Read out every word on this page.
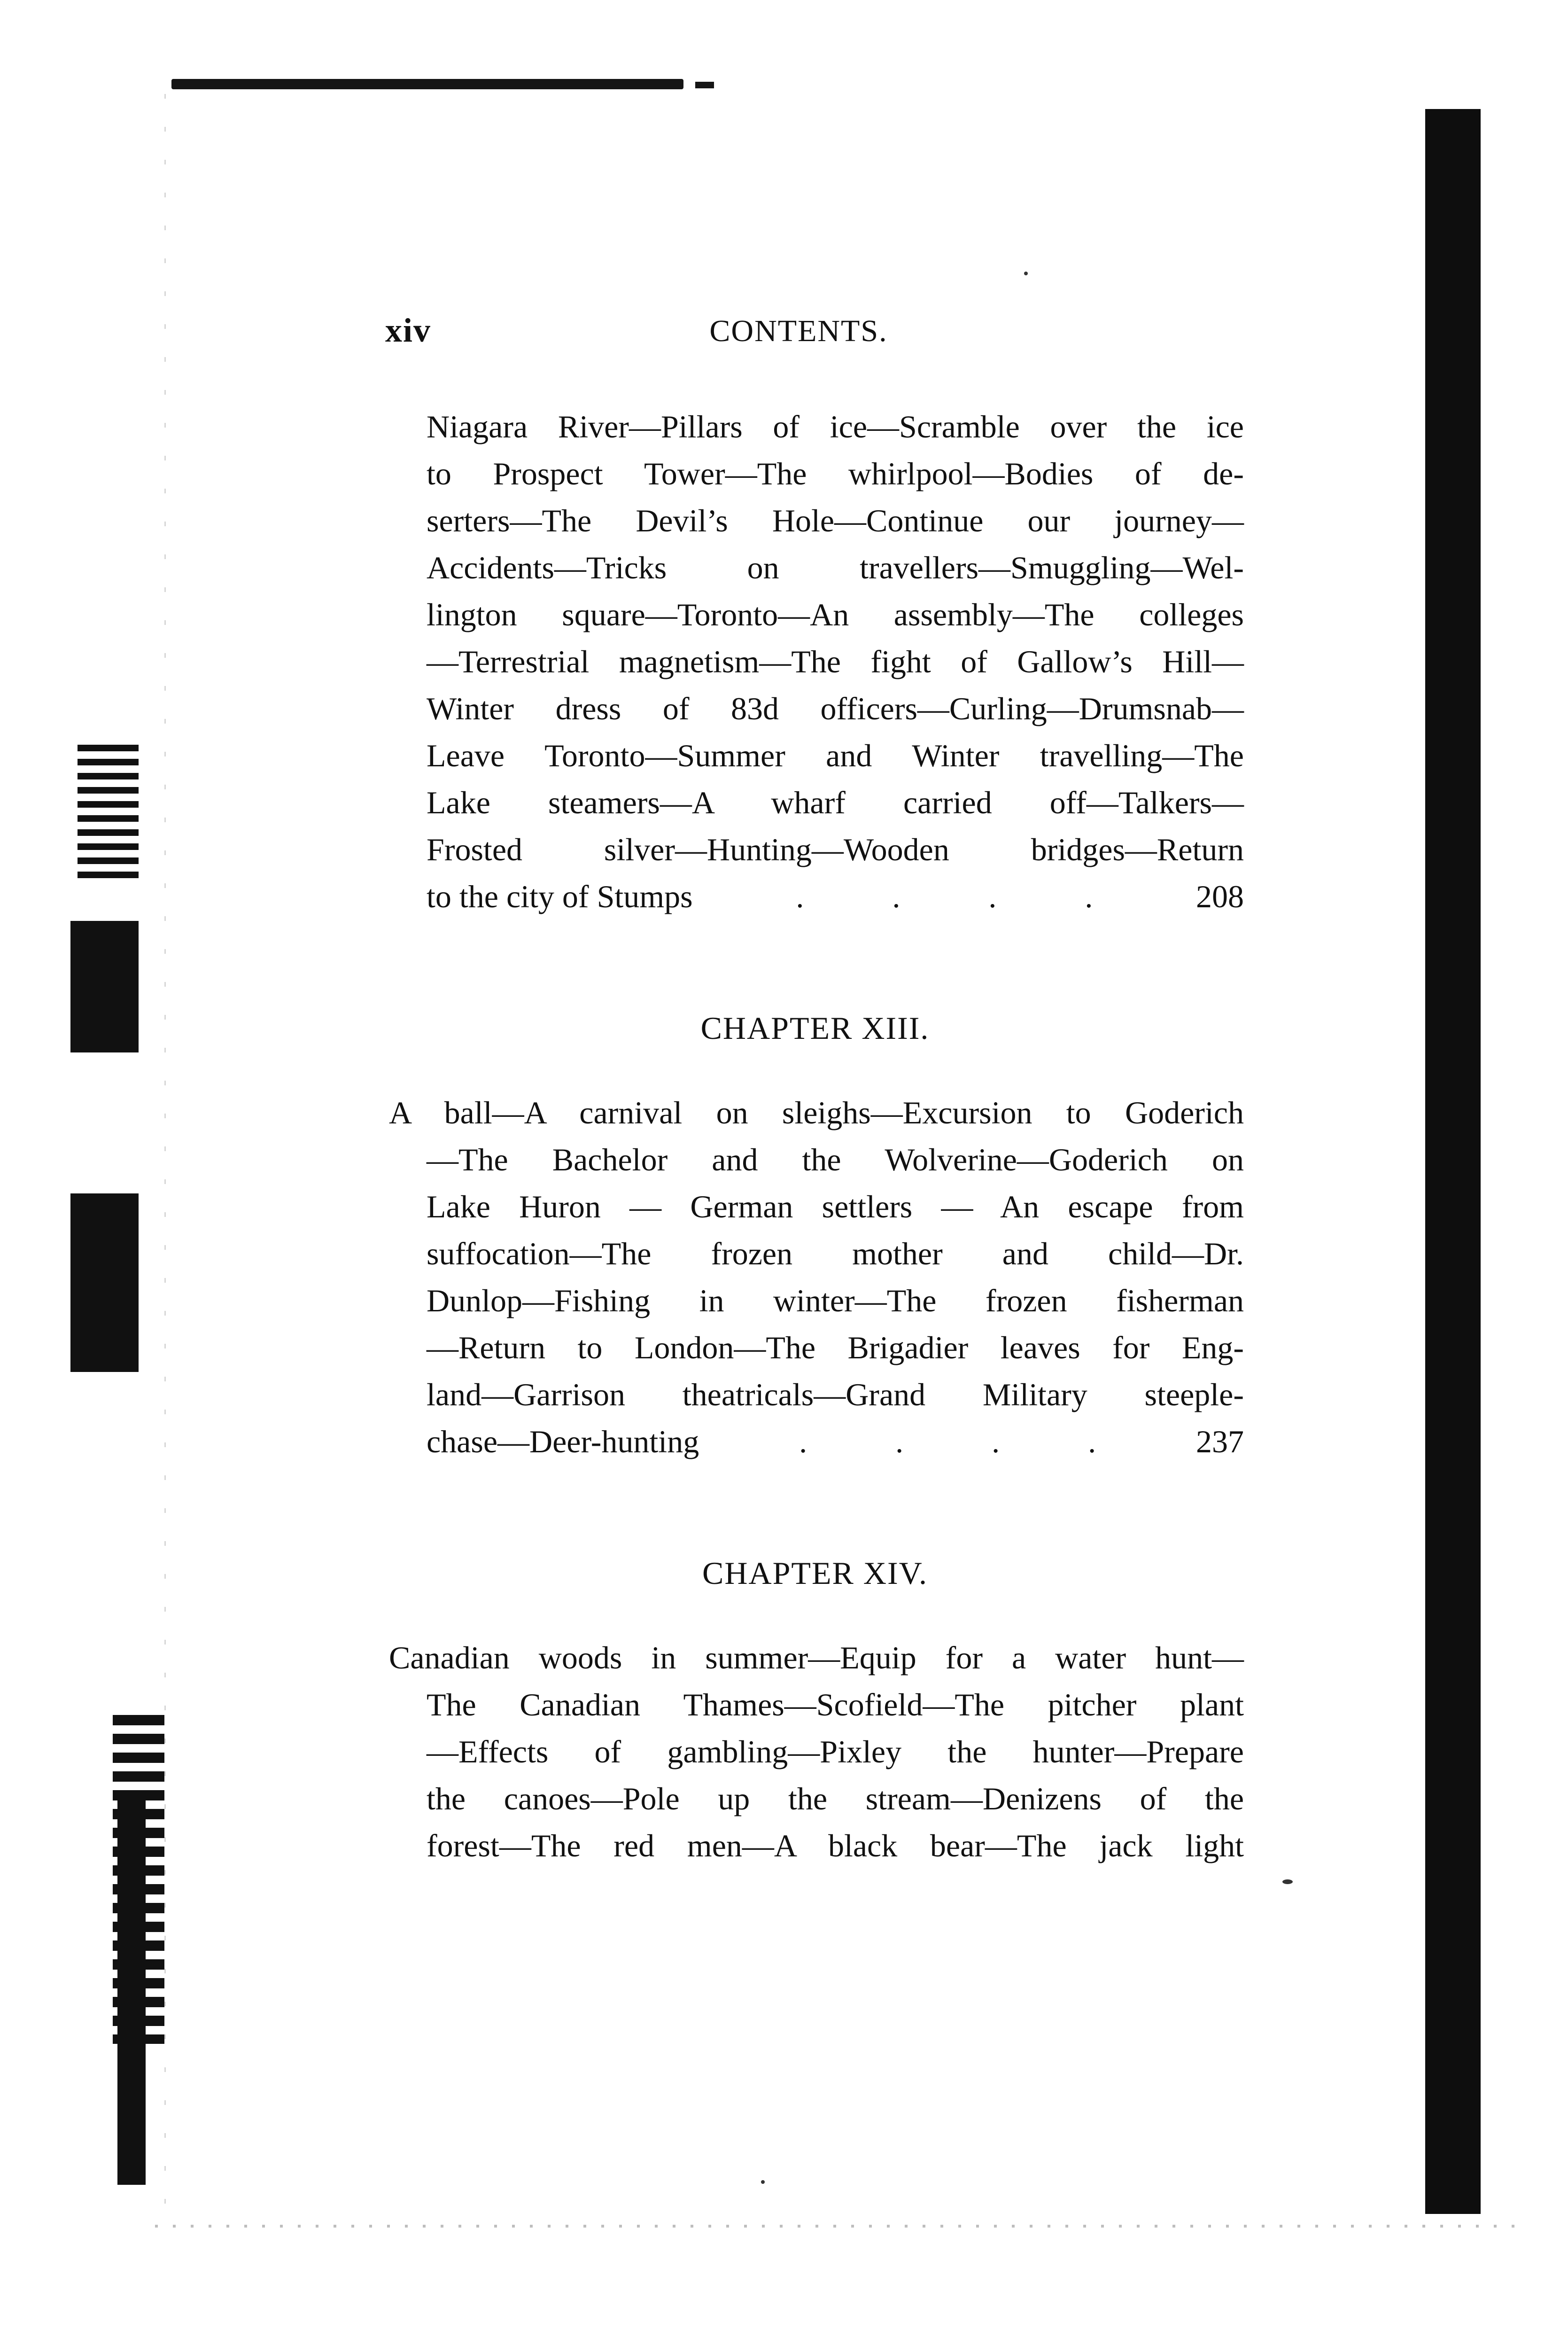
xiv	CONTENTS.
Niagara River—Pillars of ice—Scramble over the ice
to Prospect Tower—The whirlpool—Bodies of de-
serters—The Devil’s Hole—Continue our journey—
Accidents—Tricks on travellers—Smuggling—Wel-
lington square—Toronto—An assembly—The colleges
—Terrestrial magnetism—The fight of Gallow’s Hill—
Winter dress of 83d officers—Curling—Drumsnab—
Leave Toronto—Summer and Winter travelling—The
Lake steamers—A wharf carried off—Talkers—
Frosted silver—Hunting—Wooden bridges—Return
to the city of Stumps	.	.	.	.	208
CHAPTER XIII.
A ball—A carnival on sleighs—Excursion to Goderich
—The Bachelor and the Wolverine—Goderich on
Lake Huron — German settlers — An escape from
suffocation—The frozen mother and child—Dr.
Dunlop—Fishing in winter—The frozen fisherman
—Return to London—The Brigadier leaves for Eng-
land—Garrison theatricals—Grand Military steeple-
chase—Deer-hunting	.	.	.	.	237
CHAPTER XIV.
Canadian woods in summer—Equip for a water hunt—
The Canadian Thames—Scofield—The pitcher plant
—Effects of gambling—Pixley the hunter—Prepare
the canoes—Pole up the stream—Denizens of the
forest—The red men—A black bear—The jack light
